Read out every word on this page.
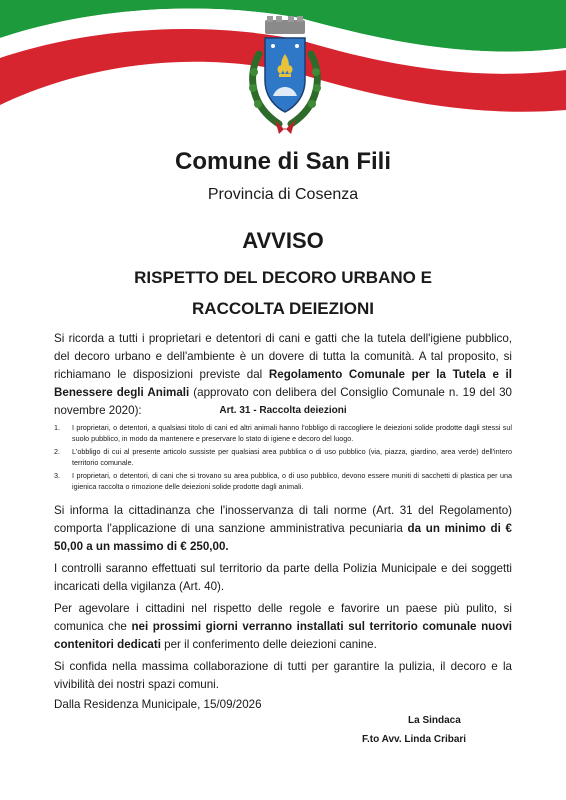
Comune di San Fili
Provincia di Cosenza
AVVISO
RISPETTO DEL DECORO URBANO E
RACCOLTA DEIEZIONI
Si ricorda a tutti i proprietari e detentori di cani e gatti che la tutela dell'igiene pubblico, del decoro urbano e dell'ambiente è un dovere di tutta la comunità. A tal proposito, si richiamano le disposizioni previste dal Regolamento Comunale per la Tutela e il Benessere degli Animali (approvato con delibera del Consiglio Comunale n. 19 del 30 novembre 2020):	Art. 31 - Raccolta deiezioni
1. I proprietari, o detentori, a qualsiasi titolo di cani ed altri animali hanno l'obbligo di raccogliere le deiezioni solide prodotte dagli stessi sul suolo pubblico, in modo da mantenere e preservare lo stato di igiene e decoro del luogo.
2. L'obbligo di cui al presente articolo sussiste per qualsiasi area pubblica o di uso pubblico (via, piazza, giardino, area verde) dell'intero territorio comunale.
3. I proprietari, o detentori, di cani che si trovano su area pubblica, o di uso pubblico, devono essere muniti di sacchetti di plastica per una igienica raccolta o rimozione delle deiezioni solide prodotte dagli animali.
Si informa la cittadinanza che l'inosservanza di tali norme (Art. 31 del Regolamento) comporta l'applicazione di una sanzione amministrativa pecuniaria da un minimo di € 50,00 a un massimo di € 250,00.
I controlli saranno effettuati sul territorio da parte della Polizia Municipale e dei soggetti incaricati della vigilanza (Art. 40).
Per agevolare i cittadini nel rispetto delle regole e favorire un paese più pulito, si comunica che nei prossimi giorni verranno installati sul territorio comunale nuovi contenitori dedicati per il conferimento delle deiezioni canine.
Si confida nella massima collaborazione di tutti per garantire la pulizia, il decoro e la vivibilità dei nostri spazi comuni.
Dalla Residenza Municipale, 15/09/2026
La Sindaca
F.to Avv. Linda Cribari
